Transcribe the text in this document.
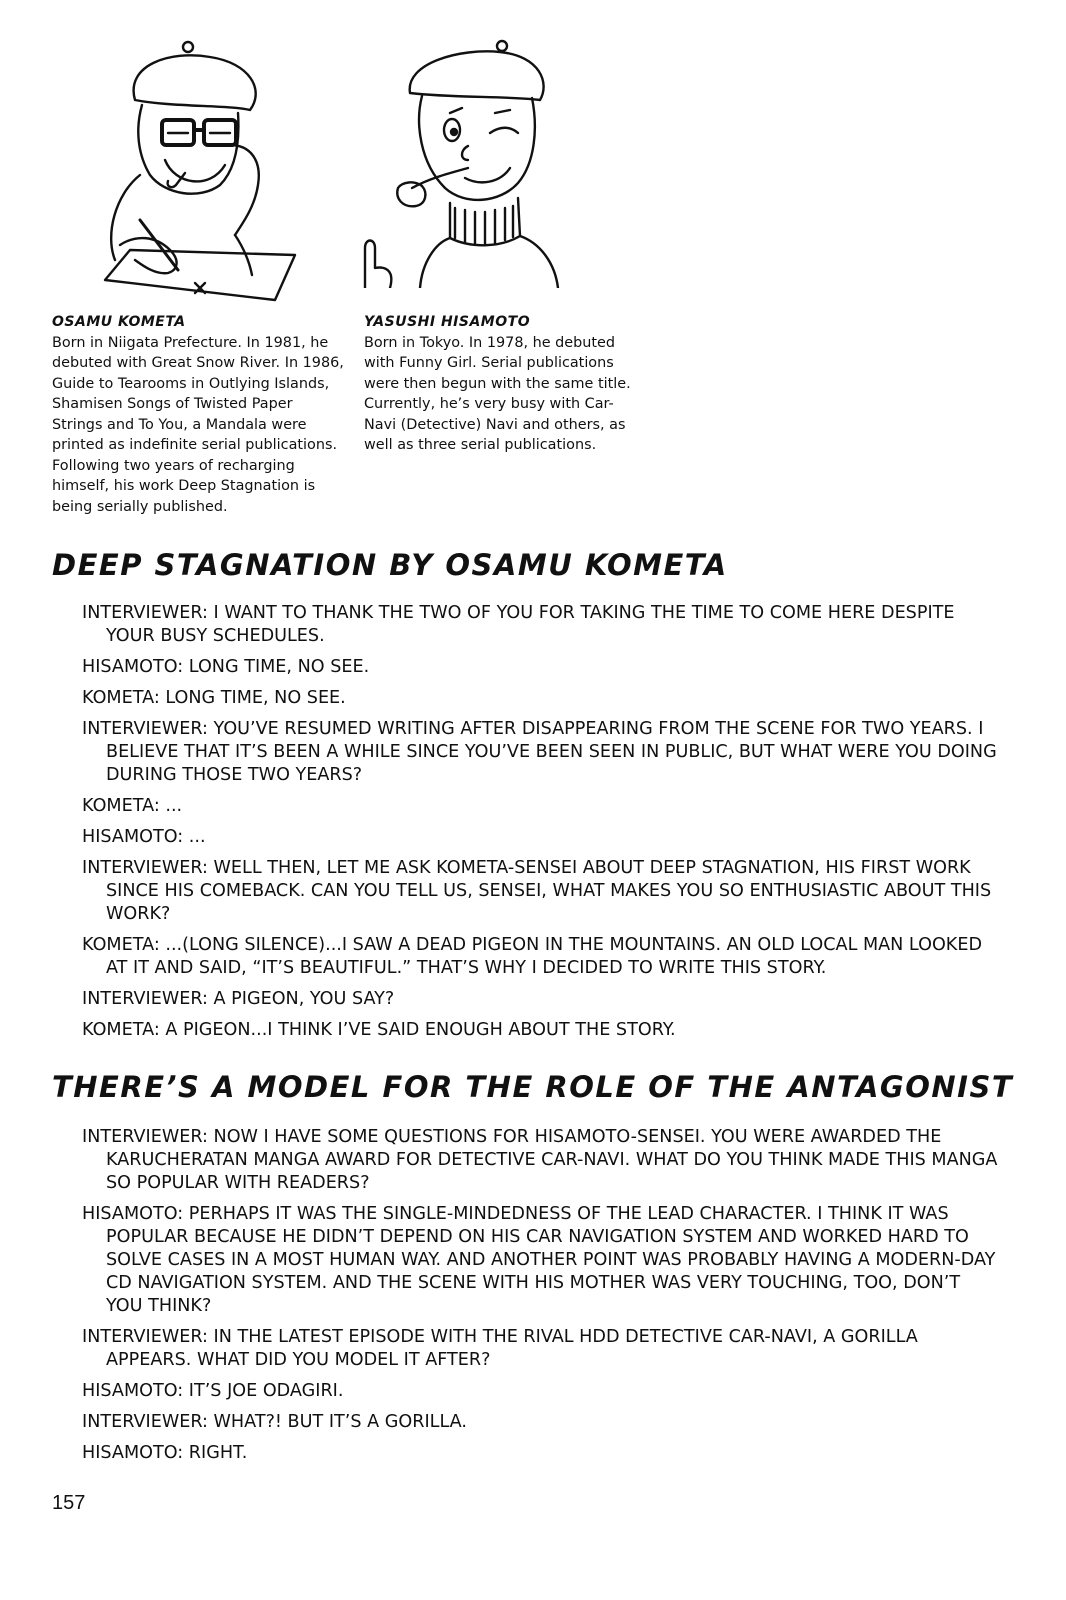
OSAMU KOMETA

Born in Niigata Prefecture. In 1981, he debuted with Great Snow River. In 1986, Guide to Tearooms in Outlying Islands, Shamisen Songs of Twisted Paper Strings and To You, a Mandala were printed as indefinite serial publications. Following two years of recharging himself, his work Deep Stagnation is being serially published.

YASUSHI HISAMOTO

Born in Tokyo. In 1978, he debuted with Funny Girl. Serial publications were then begun with the same title. Currently, he’s very busy with Car-Navi (Detective) Navi and others, as well as three serial publications.

DEEP STAGNATION BY OSAMU KOMETA

INTERVIEWER: I WANT TO THANK THE TWO OF YOU FOR TAKING THE TIME TO COME HERE DESPITE YOUR BUSY SCHEDULES.

HISAMOTO: LONG TIME, NO SEE.

KOMETA: LONG TIME, NO SEE.

INTERVIEWER: YOU’VE RESUMED WRITING AFTER DISAPPEARING FROM THE SCENE FOR TWO YEARS. I BELIEVE THAT IT’S BEEN A WHILE SINCE YOU’VE BEEN SEEN IN PUBLIC, BUT WHAT WERE YOU DOING DURING THOSE TWO YEARS?

KOMETA: ...

HISAMOTO: ...

INTERVIEWER: WELL THEN, LET ME ASK KOMETA-SENSEI ABOUT DEEP STAGNATION, HIS FIRST WORK SINCE HIS COMEBACK. CAN YOU TELL US, SENSEI, WHAT MAKES YOU SO ENTHUSIASTIC ABOUT THIS WORK?

KOMETA: ...(LONG SILENCE)...I SAW A DEAD PIGEON IN THE MOUNTAINS. AN OLD LOCAL MAN LOOKED AT IT AND SAID, “IT’S BEAUTIFUL.” THAT’S WHY I DECIDED TO WRITE THIS STORY.

INTERVIEWER: A PIGEON, YOU SAY?

KOMETA: A PIGEON...I THINK I’VE SAID ENOUGH ABOUT THE STORY.

THERE’S A MODEL FOR THE ROLE OF THE ANTAGONIST

INTERVIEWER: NOW I HAVE SOME QUESTIONS FOR HISAMOTO-SENSEI. YOU WERE AWARDED THE KARUCHERATAN MANGA AWARD FOR DETECTIVE CAR-NAVI. WHAT DO YOU THINK MADE THIS MANGA SO POPULAR WITH READERS?

HISAMOTO: PERHAPS IT WAS THE SINGLE-MINDEDNESS OF THE LEAD CHARACTER. I THINK IT WAS POPULAR BECAUSE HE DIDN’T DEPEND ON HIS CAR NAVIGATION SYSTEM AND WORKED HARD TO SOLVE CASES IN A MOST HUMAN WAY. AND ANOTHER POINT WAS PROBABLY HAVING A MODERN-DAY CD NAVIGATION SYSTEM. AND THE SCENE WITH HIS MOTHER WAS VERY TOUCHING, TOO, DON’T YOU THINK?

INTERVIEWER: IN THE LATEST EPISODE WITH THE RIVAL HDD DETECTIVE CAR-NAVI, A GORILLA APPEARS. WHAT DID YOU MODEL IT AFTER?

HISAMOTO: IT’S JOE ODAGIRI.

INTERVIEWER: WHAT?! BUT IT’S A GORILLA.

HISAMOTO: RIGHT.

157
